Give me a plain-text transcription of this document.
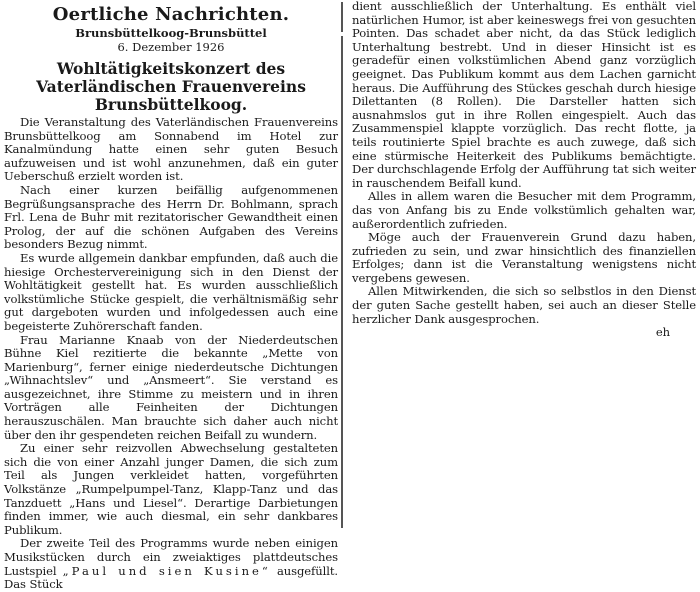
Oertliche Nachrichten.
Brunsbüttelkoog-Brunsbüttel
6. Dezember 1926
Wohltätigkeitskonzert des Vaterländischen Frauenvereins Brunsbüttelkoog.

Die Veranstaltung des Vaterländischen Frauenvereins Brunsbüttelkoog am Sonnabend im Hotel zur Kanalmündung hatte einen sehr guten Besuch aufzuweisen und ist wohl anzunehmen, daß ein guter Ueberschuß erzielt worden ist.

Nach einer kurzen beifällig aufgenommenen Begrüßungsansprache des Herrn Dr. Bohlmann, sprach Frl. Lena de Buhr mit rezitatorischer Gewandtheit einen Prolog, der auf die schönen Aufgaben des Vereins besonders Bezug nimmt.

Es wurde allgemein dankbar empfunden, daß auch die hiesige Orchestervereinigung sich in den Dienst der Wohltätigkeit gestellt hat. Es wurden ausschließlich volkstümliche Stücke gespielt, die verhältnismäßig sehr gut dargeboten wurden und infolgedessen auch eine begeisterte Zuhörerschaft fanden.

Frau Marianne Knaab von der Niederdeutschen Bühne Kiel rezitierte die bekannte „Mette von Marienburg“, ferner einige niederdeutsche Dichtungen „Wihnachtslev“ und „Ansmeert“. Sie verstand es ausgezeichnet, ihre Stimme zu meistern und in ihren Vorträgen alle Feinheiten der Dichtungen herauszuschälen. Man brauchte sich daher auch nicht über den ihr gespendeten reichen Beifall zu wundern.

Zu einer sehr reizvollen Abwechselung gestalteten sich die von einer Anzahl junger Damen, die sich zum Teil als Jungen verkleidet hatten, vorgeführten Volkstänze „Rumpelpumpel-Tanz, Klapp-Tanz und das Tanzduett „Hans und Liesel“. Derartige Darbietungen finden immer, wie auch diesmal, ein sehr dankbares Publikum.

Der zweite Teil des Programms wurde neben einigen Musikstücken durch ein zweiaktiges plattdeutsches Lustspiel „Paul und sien Kusine“ ausgefüllt. Das Stück

dient ausschließlich der Unterhaltung. Es enthält viel natürlichen Humor, ist aber keineswegs frei von gesuchten Pointen. Das schadet aber nicht, da das Stück lediglich Unterhaltung bestrebt. Und in dieser Hinsicht ist es geradefür einen volkstümlichen Abend ganz vorzüglich geeignet. Das Publikum kommt aus dem Lachen garnicht heraus. Die Aufführung des Stückes geschah durch hiesige Dilettanten (8 Rollen). Die Darsteller hatten sich ausnahmslos gut in ihre Rollen eingespielt. Auch das Zusammenspiel klappte vorzüglich. Das recht flotte, ja teils routinierte Spiel brachte es auch zuwege, daß sich eine stürmische Heiterkeit des Publikums bemächtigte. Der durchschlagende Erfolg der Aufführung tat sich weiter in rauschendem Beifall kund.

Alles in allem waren die Besucher mit dem Programm, das von Anfang bis zu Ende volkstümlich gehalten war, außerordentlich zufrieden.

Möge auch der Frauenverein Grund dazu haben, zufrieden zu sein, und zwar hinsichtlich des finanziellen Erfolges; dann ist die Veranstaltung wenigstens nicht vergebens gewesen.

Allen Mitwirkenden, die sich so selbstlos in den Dienst der guten Sache gestellt haben, sei auch an dieser Stelle herzlicher Dank ausgesprochen.

eh
